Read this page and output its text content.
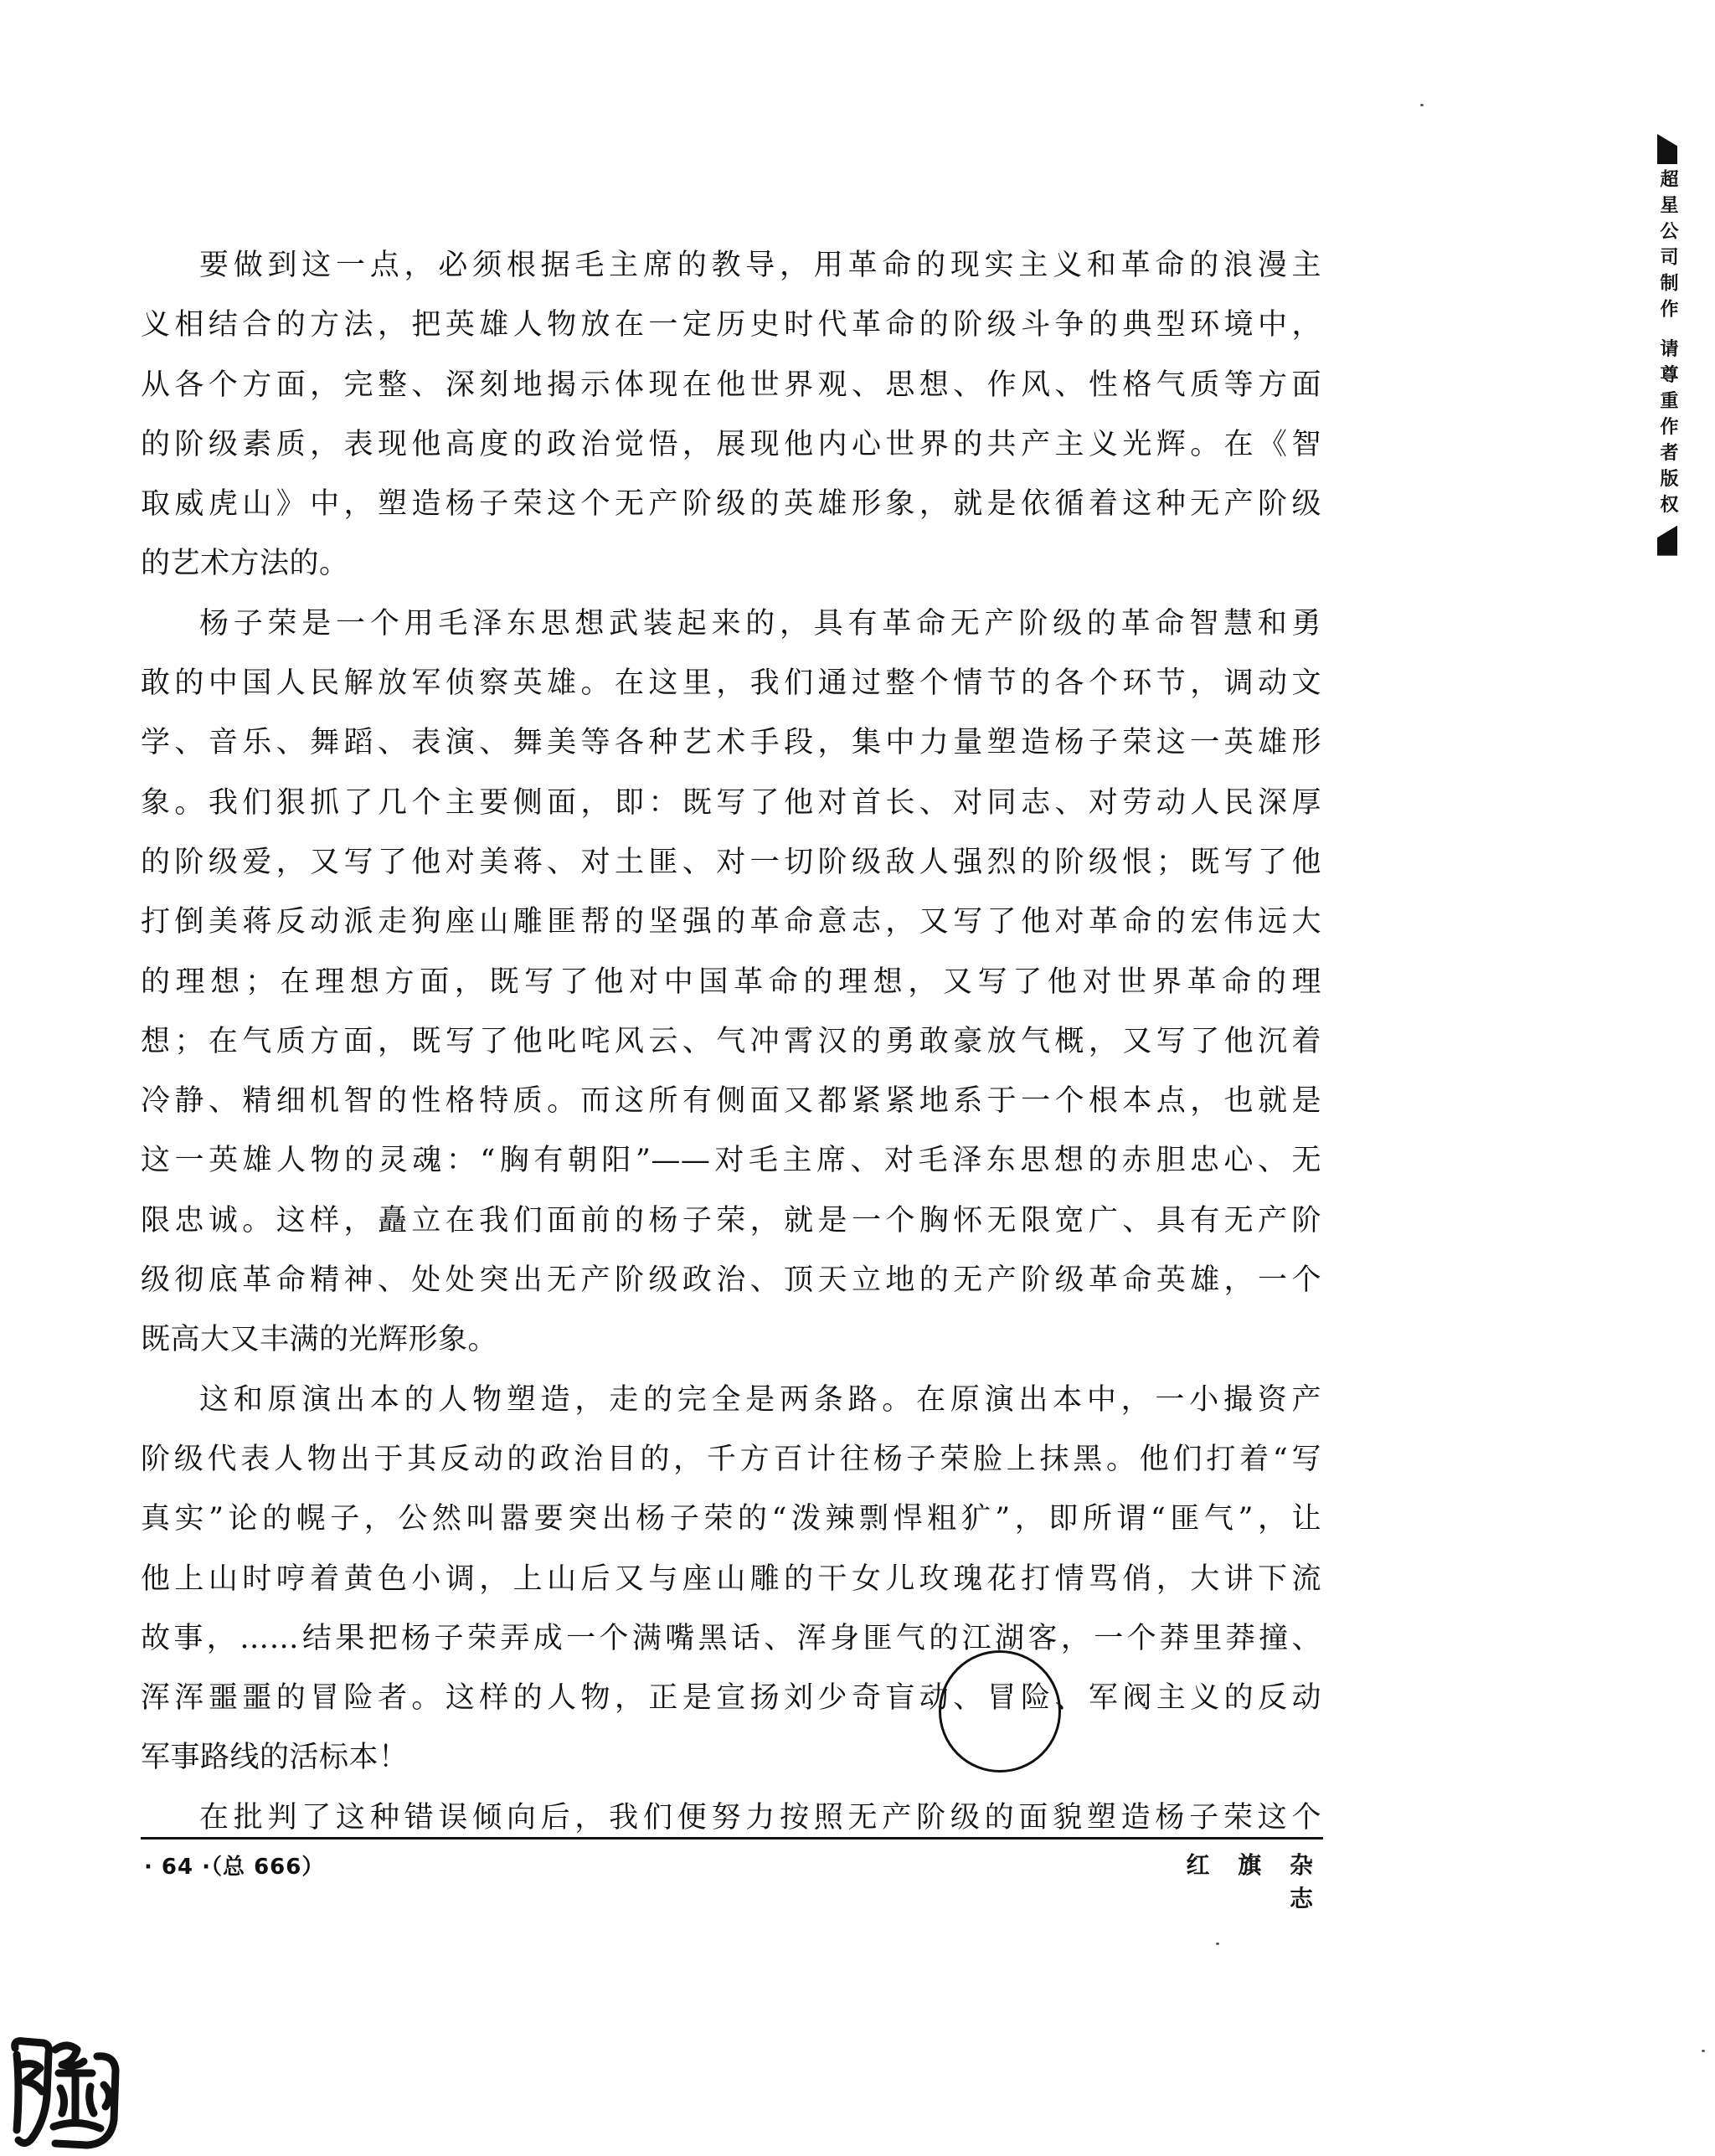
要做到这一点，必须根据毛主席的教导，用革命的现实主义和革命的浪漫主
义相结合的方法，把英雄人物放在一定历史时代革命的阶级斗争的典型环境中，
从各个方面，完整、深刻地揭示体现在他世界观、思想、作风、性格气质等方面
的阶级素质，表现他高度的政治觉悟，展现他内心世界的共产主义光辉。在《智
取威虎山》中，塑造杨子荣这个无产阶级的英雄形象，就是依循着这种无产阶级
的艺术方法的。
杨子荣是一个用毛泽东思想武装起来的，具有革命无产阶级的革命智慧和勇
敢的中国人民解放军侦察英雄。在这里，我们通过整个情节的各个环节，调动文
学、音乐、舞蹈、表演、舞美等各种艺术手段，集中力量塑造杨子荣这一英雄形
象。我们狠抓了几个主要侧面，即：既写了他对首长、对同志、对劳动人民深厚
的阶级爱，又写了他对美蒋、对土匪、对一切阶级敌人强烈的阶级恨；既写了他
打倒美蒋反动派走狗座山雕匪帮的坚强的革命意志，又写了他对革命的宏伟远大
的理想；在理想方面，既写了他对中国革命的理想，又写了他对世界革命的理
想；在气质方面，既写了他叱咤风云、气冲霄汉的勇敢豪放气概，又写了他沉着
冷静、精细机智的性格特质。而这所有侧面又都紧紧地系于一个根本点，也就是
这一英雄人物的灵魂：“胸有朝阳”——对毛主席、对毛泽东思想的赤胆忠心、无
限忠诚。这样，矗立在我们面前的杨子荣，就是一个胸怀无限宽广、具有无产阶
级彻底革命精神、处处突出无产阶级政治、顶天立地的无产阶级革命英雄，一个
既高大又丰满的光辉形象。
这和原演出本的人物塑造，走的完全是两条路。在原演出本中，一小撮资产
阶级代表人物出于其反动的政治目的，千方百计往杨子荣脸上抹黑。他们打着“写
真实”论的幌子，公然叫嚣要突出杨子荣的“泼辣剽悍粗犷”，即所谓“匪气”，让
他上山时哼着黄色小调，上山后又与座山雕的干女儿玫瑰花打情骂俏，大讲下流
故事，……结果把杨子荣弄成一个满嘴黑话、浑身匪气的江湖客，一个莽里莽撞、
浑浑噩噩的冒险者。这样的人物，正是宣扬刘少奇盲动、冒险、军阀主义的反动
军事路线的活标本！
在批判了这种错误倾向后，我们便努力按照无产阶级的面貌塑造杨子荣这个
· 64 ·（总 666）	红 旗 杂 志
超星公司制作 请尊重作者版权
